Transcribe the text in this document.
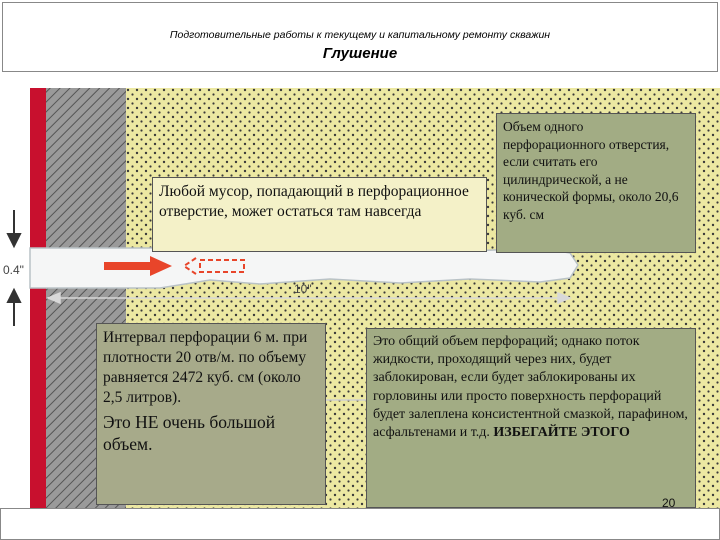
Подготовительные работы к текущему и капитальному ремонту скважин
Глушение
0.4"
10"
Любой мусор, попадающий в перфорационное отверстие, может остаться там навсегда
Объем одного перфорационного отверстия, если считать его цилиндрической, а не конической формы, около 20,6 куб. см
Интервал перфорации 6 м. при плотности 20 отв/м. по объему равняется 2472 куб. см (около 2,5 литров).
Это НЕ очень большой объем.
Это общий объем перфораций; однако поток жидкости, проходящий через них, будет заблокирован, если будет заблокированы их горловины или просто поверхность перфораций будет залеплена консистентной смазкой, парафином, асфальтенами и т.д. ИЗБЕГАЙТЕ ЭТОГО
20
